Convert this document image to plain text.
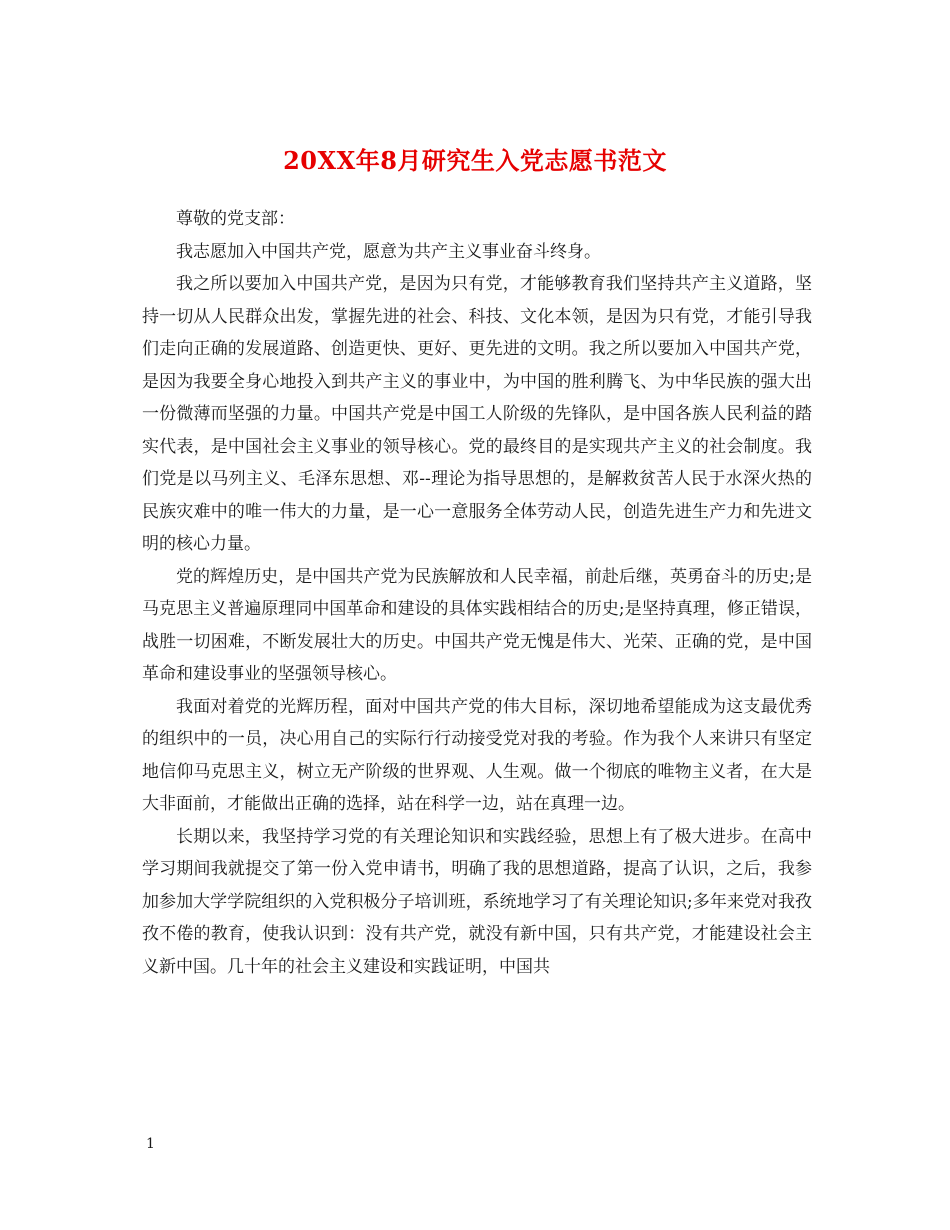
20XX年8月研究生入党志愿书范文

尊敬的党支部：

我志愿加入中国共产党，愿意为共产主义事业奋斗终身。

我之所以要加入中国共产党，是因为只有党，才能够教育我们坚持共产主义道路，坚持一切从人民群众出发，掌握先进的社会、科技、文化本领，是因为只有党，才能引导我们走向正确的发展道路、创造更快、更好、更先进的文明。我之所以要加入中国共产党，是因为我要全身心地投入到共产主义的事业中，为中国的胜利腾飞、为中华民族的强大出一份微薄而坚强的力量。中国共产党是中国工人阶级的先锋队，是中国各族人民利益的踏实代表，是中国社会主义事业的领导核心。党的最终目的是实现共产主义的社会制度。我们党是以马列主义、毛泽东思想、邓--理论为指导思想的，是解救贫苦人民于水深火热的民族灾难中的唯一伟大的力量，是一心一意服务全体劳动人民，创造先进生产力和先进文明的核心力量。

党的辉煌历史，是中国共产党为民族解放和人民幸福，前赴后继，英勇奋斗的历史;是马克思主义普遍原理同中国革命和建设的具体实践相结合的历史;是坚持真理，修正错误，战胜一切困难，不断发展壮大的历史。中国共产党无愧是伟大、光荣、正确的党，是中国革命和建设事业的坚强领导核心。

我面对着党的光辉历程，面对中国共产党的伟大目标，深切地希望能成为这支最优秀的组织中的一员，决心用自己的实际行行动接受党对我的考验。作为我个人来讲只有坚定地信仰马克思主义，树立无产阶级的世界观、人生观。做一个彻底的唯物主义者，在大是大非面前，才能做出正确的选择，站在科学一边，站在真理一边。

长期以来，我坚持学习党的有关理论知识和实践经验，思想上有了极大进步。在高中学习期间我就提交了第一份入党申请书，明确了我的思想道路，提高了认识，之后，我参加参加大学学院组织的入党积极分子培训班，系统地学习了有关理论知识;多年来党对我孜孜不倦的教育，使我认识到：没有共产党，就没有新中国，只有共产党，才能建设社会主义新中国。几十年的社会主义建设和实践证明，中国共

1
